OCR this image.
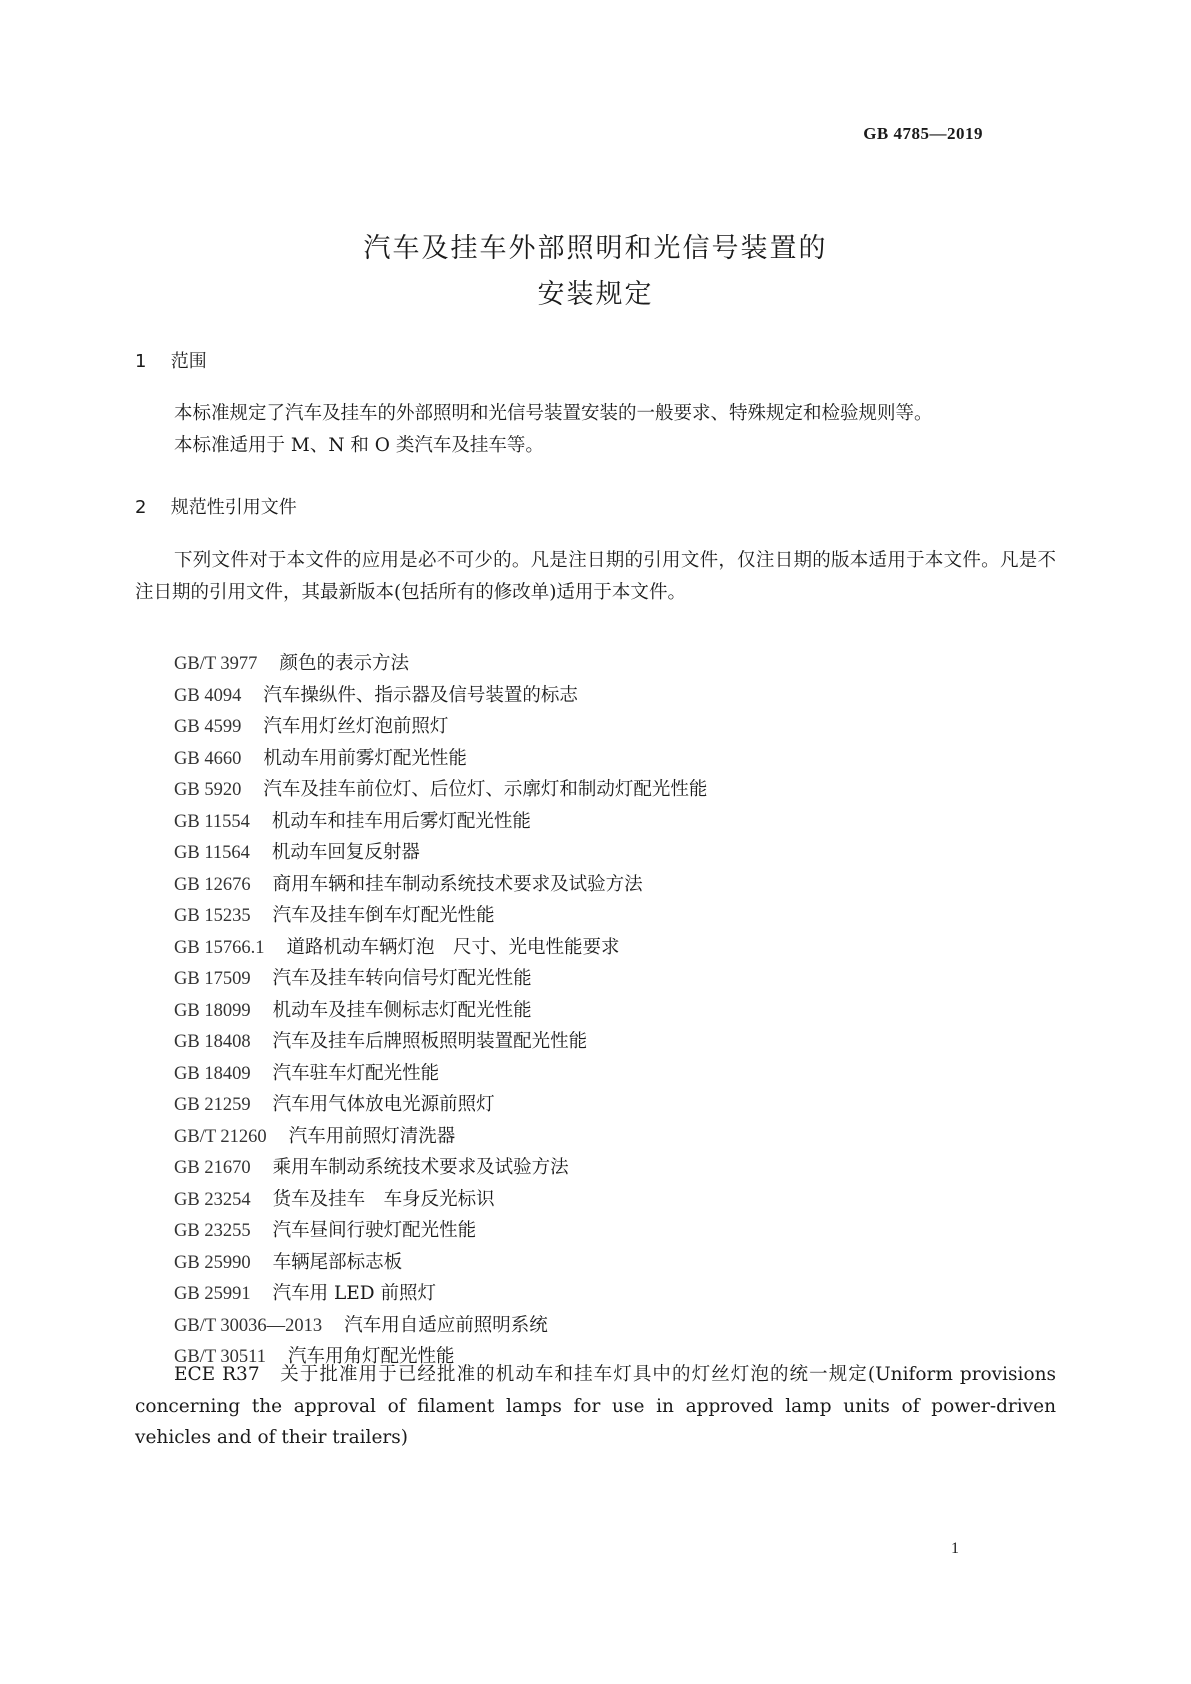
GB 4785—2019
汽车及挂车外部照明和光信号装置的
安装规定
1 范围

本标准规定了汽车及挂车的外部照明和光信号装置安装的一般要求、特殊规定和检验规则等。

本标准适用于 M、N 和 O 类汽车及挂车等。

2 规范性引用文件

下列文件对于本文件的应用是必不可少的。凡是注日期的引用文件，仅注日期的版本适用于本文件。凡是不注日期的引用文件，其最新版本(包括所有的修改单)适用于本文件。

GB/T 3977 颜色的表示方法
GB 4094 汽车操纵件、指示器及信号装置的标志
GB 4599 汽车用灯丝灯泡前照灯
GB 4660 机动车用前雾灯配光性能
GB 5920 汽车及挂车前位灯、后位灯、示廓灯和制动灯配光性能
GB 11554 机动车和挂车用后雾灯配光性能
GB 11564 机动车回复反射器
GB 12676 商用车辆和挂车制动系统技术要求及试验方法
GB 15235 汽车及挂车倒车灯配光性能
GB 15766.1 道路机动车辆灯泡　尺寸、光电性能要求
GB 17509 汽车及挂车转向信号灯配光性能
GB 18099 机动车及挂车侧标志灯配光性能
GB 18408 汽车及挂车后牌照板照明装置配光性能
GB 18409 汽车驻车灯配光性能
GB 21259 汽车用气体放电光源前照灯
GB/T 21260 汽车用前照灯清洗器
GB 21670 乘用车制动系统技术要求及试验方法
GB 23254 货车及挂车　车身反光标识
GB 23255 汽车昼间行驶灯配光性能
GB 25990 车辆尾部标志板
GB 25991 汽车用 LED 前照灯
GB/T 30036—2013 汽车用自适应前照明系统
GB/T 30511 汽车用角灯配光性能

ECE R37　 关于批准用于已经批准的机动车和挂车灯具中的灯丝灯泡的统一规定(Uniform provisions concerning the approval of filament lamps for use in approved lamp units of power-driven vehicles and of their trailers)

1
